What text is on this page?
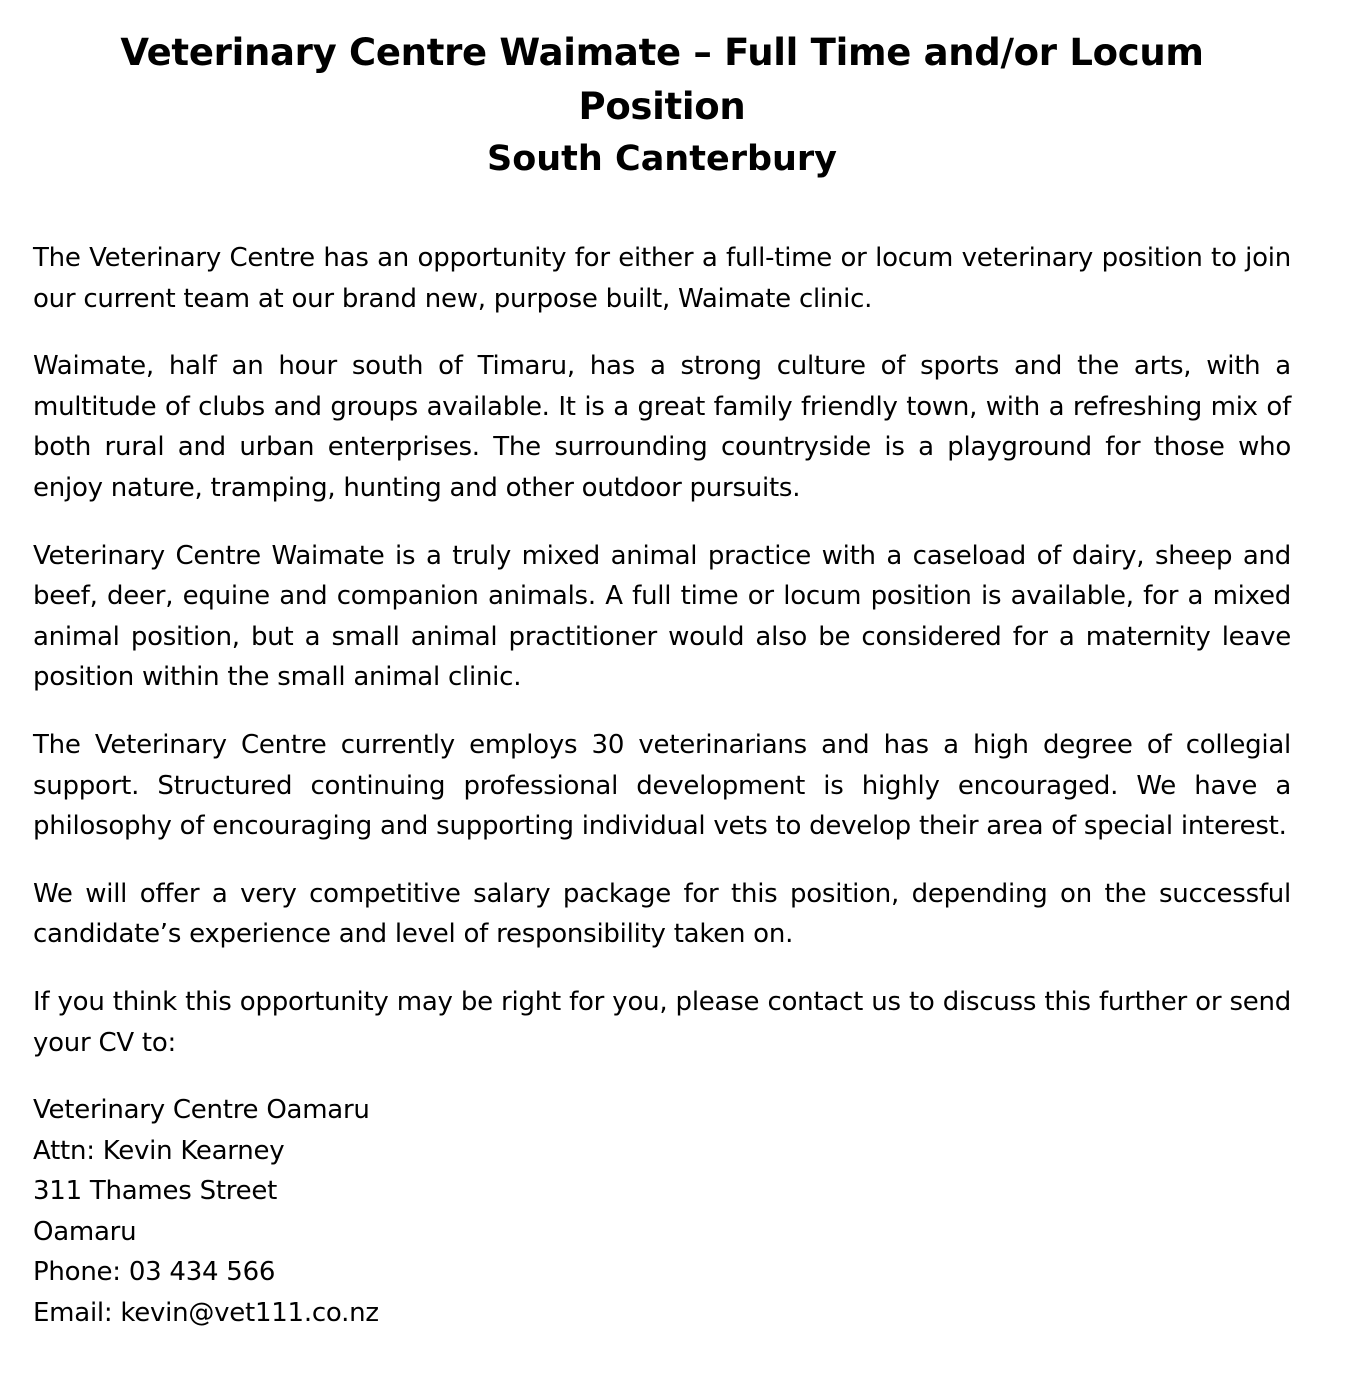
Veterinary Centre Waimate – Full Time and/or Locum Position
South Canterbury

The Veterinary Centre has an opportunity for either a full-time or locum veterinary position to join our current team at our brand new, purpose built, Waimate clinic.

Waimate, half an hour south of Timaru, has a strong culture of sports and the arts, with a multitude of clubs and groups available. It is a great family friendly town, with a refreshing mix of both rural and urban enterprises. The surrounding countryside is a playground for those who enjoy nature, tramping, hunting and other outdoor pursuits.

Veterinary Centre Waimate is a truly mixed animal practice with a caseload of dairy, sheep and beef, deer, equine and companion animals. A full time or locum position is available, for a mixed animal position, but a small animal practitioner would also be considered for a maternity leave position within the small animal clinic.

The Veterinary Centre currently employs 30 veterinarians and has a high degree of collegial support. Structured continuing professional development is highly encouraged. We have a philosophy of encouraging and supporting individual vets to develop their area of special interest.

We will offer a very competitive salary package for this position, depending on the successful candidate’s experience and level of responsibility taken on.

If you think this opportunity may be right for you, please contact us to discuss this further or send your CV to:

Veterinary Centre Oamaru
Attn: Kevin Kearney
311 Thames Street
Oamaru
Phone: 03 434 566
Email: kevin@vet111.co.nz
